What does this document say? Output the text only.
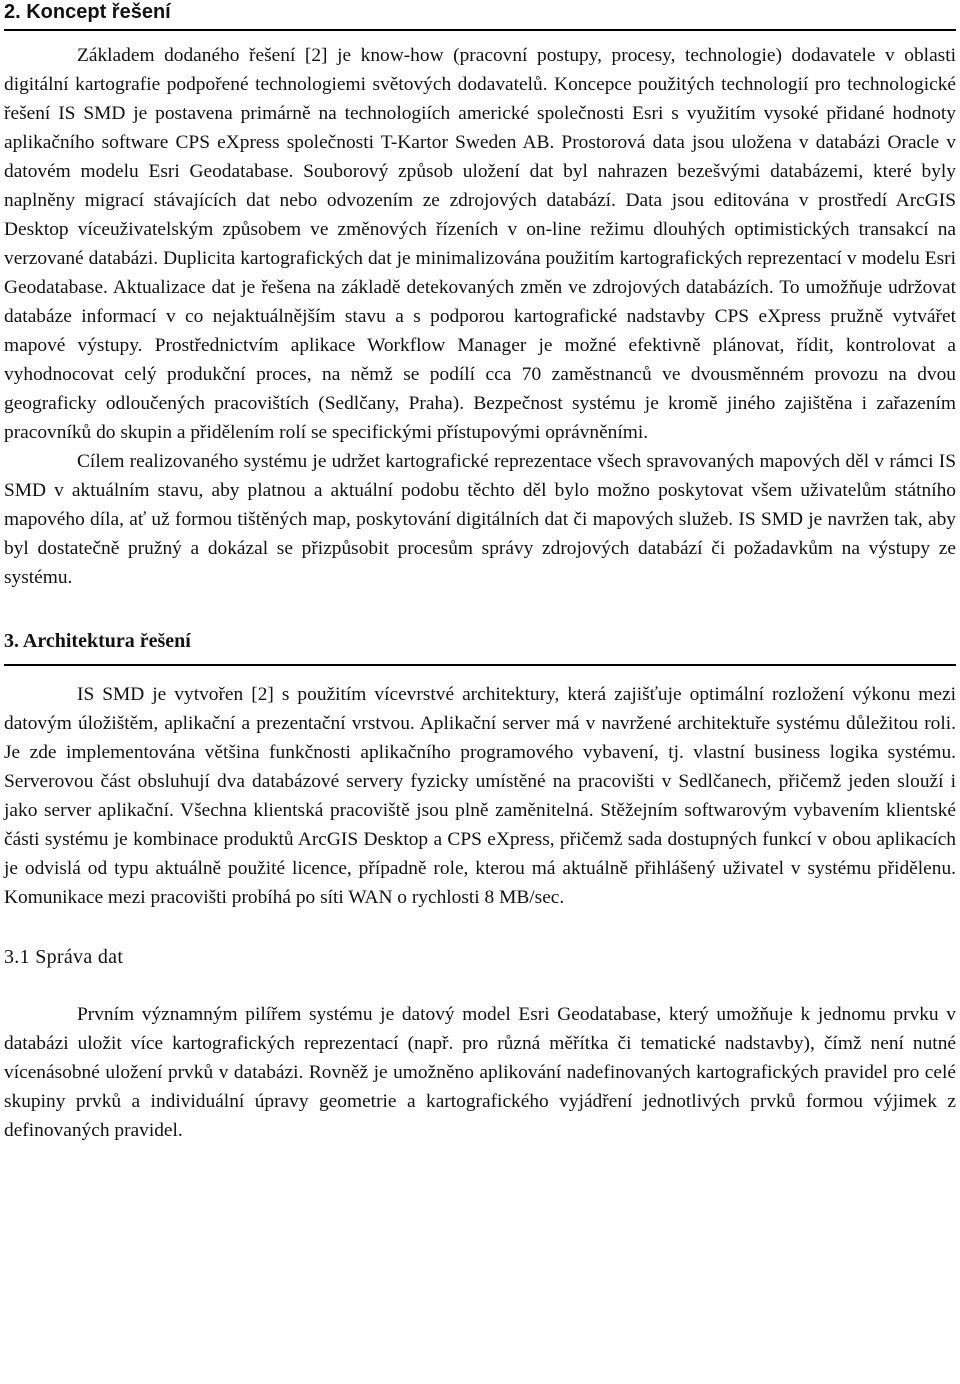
2. Koncept řešení

Základem dodaného řešení [2] je know-how (pracovní postupy, procesy, technologie) dodavatele v oblasti digitální kartografie podpořené technologiemi světových dodavatelů. Koncepce použitých technologií pro technologické řešení IS SMD je postavena primárně na technologiích americké společnosti Esri s využitím vysoké přidané hodnoty aplikačního software CPS eXpress společnosti T-Kartor Sweden AB. Prostorová data jsou uložena v databázi Oracle v datovém modelu Esri Geodatabase. Souborový způsob uložení dat byl nahrazen bezešvými databázemi, které byly naplněny migrací stávajících dat nebo odvozením ze zdrojových databází. Data jsou editována v prostředí ArcGIS Desktop víceuživatelským způsobem ve změnových řízeních v on-line režimu dlouhých optimistických transakcí na verzované databázi. Duplicita kartografických dat je minimalizována použitím kartografických reprezentací v modelu Esri Geodatabase. Aktualizace dat je řešena na základě detekovaných změn ve zdrojových databázích. To umožňuje udržovat databáze informací v co nejaktuálnějším stavu a s podporou kartografické nadstavby CPS eXpress pružně vytvářet mapové výstupy. Prostřednictvím aplikace Workflow Manager je možné efektivně plánovat, řídit, kontrolovat a vyhodnocovat celý produkční proces, na němž se podílí cca 70 zaměstnanců ve dvousměnném provozu na dvou geograficky odloučených pracovištích (Sedlčany, Praha). Bezpečnost systému je kromě jiného zajištěna i zařazením pracovníků do skupin a přidělením rolí se specifickými přístupovými oprávněními.

Cílem realizovaného systému je udržet kartografické reprezentace všech spravovaných mapových děl v rámci IS SMD v aktuálním stavu, aby platnou a aktuální podobu těchto děl bylo možno poskytovat všem uživatelům státního mapového díla, ať už formou tištěných map, poskytování digitálních dat či mapových služeb. IS SMD je navržen tak, aby byl dostatečně pružný a dokázal se přizpůsobit procesům správy zdrojových databází či požadavkům na výstupy ze systému.

3. Architektura řešení

IS SMD je vytvořen [2] s použitím vícevrstvé architektury, která zajišťuje optimální rozložení výkonu mezi datovým úložištěm, aplikační a prezentační vrstvou. Aplikační server má v navržené architektuře systému důležitou roli. Je zde implementována většina funkčnosti aplikačního programového vybavení, tj. vlastní business logika systému. Serverovou část obsluhují dva databázové servery fyzicky umístěné na pracovišti v Sedlčanech, přičemž jeden slouží i jako server aplikační. Všechna klientská pracoviště jsou plně zaměnitelná. Stěžejním softwarovým vybavením klientské části systému je kombinace produktů ArcGIS Desktop a CPS eXpress, přičemž sada dostupných funkcí v obou aplikacích je odvislá od typu aktuálně použité licence, případně role, kterou má aktuálně přihlášený uživatel v systému přidělenu. Komunikace mezi pracovišti probíhá po síti WAN o rychlosti 8 MB/sec.

3.1 Správa dat

Prvním významným pilířem systému je datový model Esri Geodatabase, který umožňuje k jednomu prvku v databázi uložit více kartografických reprezentací (např. pro různá měřítka či tematické nadstavby), čímž není nutné vícenásobné uložení prvků v databázi. Rovněž je umožněno aplikování nadefinovaných kartografických pravidel pro celé skupiny prvků a individuální úpravy geometrie a kartografického vyjádření jednotlivých prvků formou výjimek z definovaných pravidel.
